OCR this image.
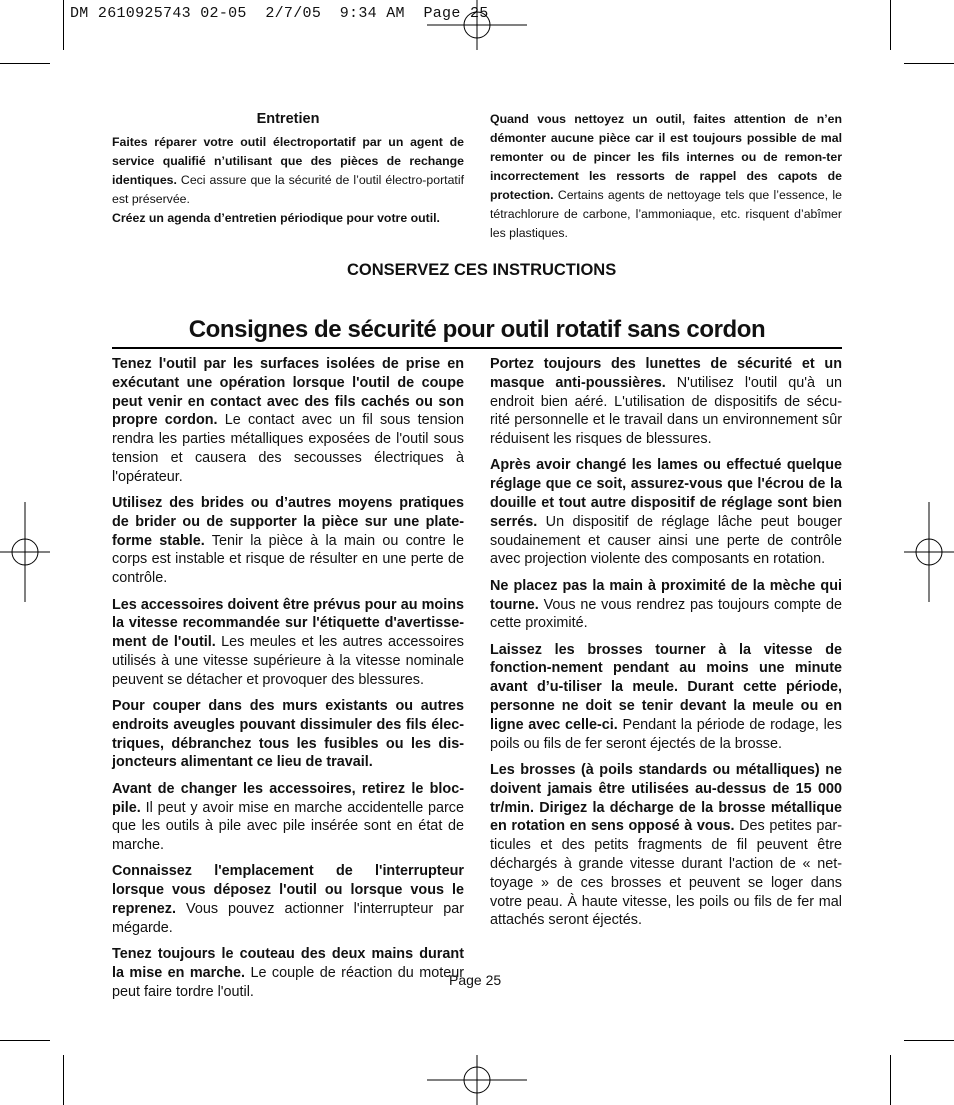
DM 2610925743 02-05  2/7/05  9:34 AM  Page 25
Entretien

Faites réparer votre outil électroportatif par un agent de service qualifié n’utilisant que des pièces de rechange identiques. Ceci assure que la sécurité de l’outil électro-portatif est préservée.

Créez un agenda d’entretien périodique pour votre outil.

Quand vous nettoyez un outil, faites attention de n’en démonter aucune pièce car il est toujours possible de mal remonter ou de pincer les fils internes ou de remon-ter incorrectement les ressorts de rappel des capots de protection. Certains agents de nettoyage tels que l’essence, le tétrachlorure de carbone, l’ammoniaque, etc. risquent d’abîmer les plastiques.

CONSERVEZ CES INSTRUCTIONS
Consignes de sécurité pour outil rotatif sans cordon

Tenez l'outil par les surfaces isolées de prise en exécutant une opération lorsque l'outil de coupe peut venir en contact avec des fils cachés ou son propre cordon. Le contact avec un fil sous tension rendra les parties métalliques exposées de l'outil sous tension et causera des secousses électriques à l'opérateur.

Utilisez des brides ou d’autres moyens pratiques de brider ou de supporter la pièce sur une plate-forme stable. Tenir la pièce à la main ou contre le corps est instable et risque de résulter en une perte de contrôle.

Les accessoires doivent être prévus pour au moins la vitesse recommandée sur l'étiquette d'avertisse-ment de l'outil. Les meules et les autres accessoires utilisés à une vitesse supérieure à la vitesse nominale peuvent se détacher et provoquer des blessures.

Pour couper dans des murs existants ou autres endroits aveugles pouvant dissimuler des fils élec-triques, débranchez tous les fusibles ou les dis-joncteurs alimentant ce lieu de travail.

Avant de changer les accessoires, retirez le bloc-pile. Il peut y avoir mise en marche accidentelle parce que les outils à pile avec pile insérée sont en état de marche.

Connaissez l'emplacement de l'interrupteur lorsque vous déposez l'outil ou lorsque vous le reprenez. Vous pouvez actionner l'interrupteur par mégarde.

Tenez toujours le couteau des deux mains durant la mise en marche. Le couple de réaction du moteur peut faire tordre l'outil.

Portez toujours des lunettes de sécurité et un masque anti-poussières. N'utilisez l'outil qu'à un endroit bien aéré. L'utilisation de dispositifs de sécu-rité personnelle et le travail dans un environnement sûr réduisent les risques de blessures.

Après avoir changé les lames ou effectué quelque réglage que ce soit, assurez-vous que l'écrou de la douille et tout autre dispositif de réglage sont bien serrés. Un dispositif de réglage lâche peut bouger soudainement et causer ainsi une perte de contrôle avec projection violente des composants en rotation.

Ne placez pas la main à proximité de la mèche qui tourne. Vous ne vous rendrez pas toujours compte de cette proximité.

Laissez les brosses tourner à la vitesse de fonction-nement pendant au moins une minute avant d’u-tiliser la meule. Durant cette période, personne ne doit se tenir devant la meule ou en ligne avec celle-ci. Pendant la période de rodage, les poils ou fils de fer seront éjectés de la brosse.

Les brosses (à poils standards ou métalliques) ne doivent jamais être utilisées au-dessus de 15 000 tr/min. Dirigez la décharge de la brosse métallique en rotation en sens opposé à vous. Des petites par-ticules et des petits fragments de fil peuvent être déchargés à grande vitesse durant l'action de « net-toyage » de ces brosses et peuvent se loger dans votre peau. À haute vitesse, les poils ou fils de fer mal attachés seront éjectés.

Page 25
